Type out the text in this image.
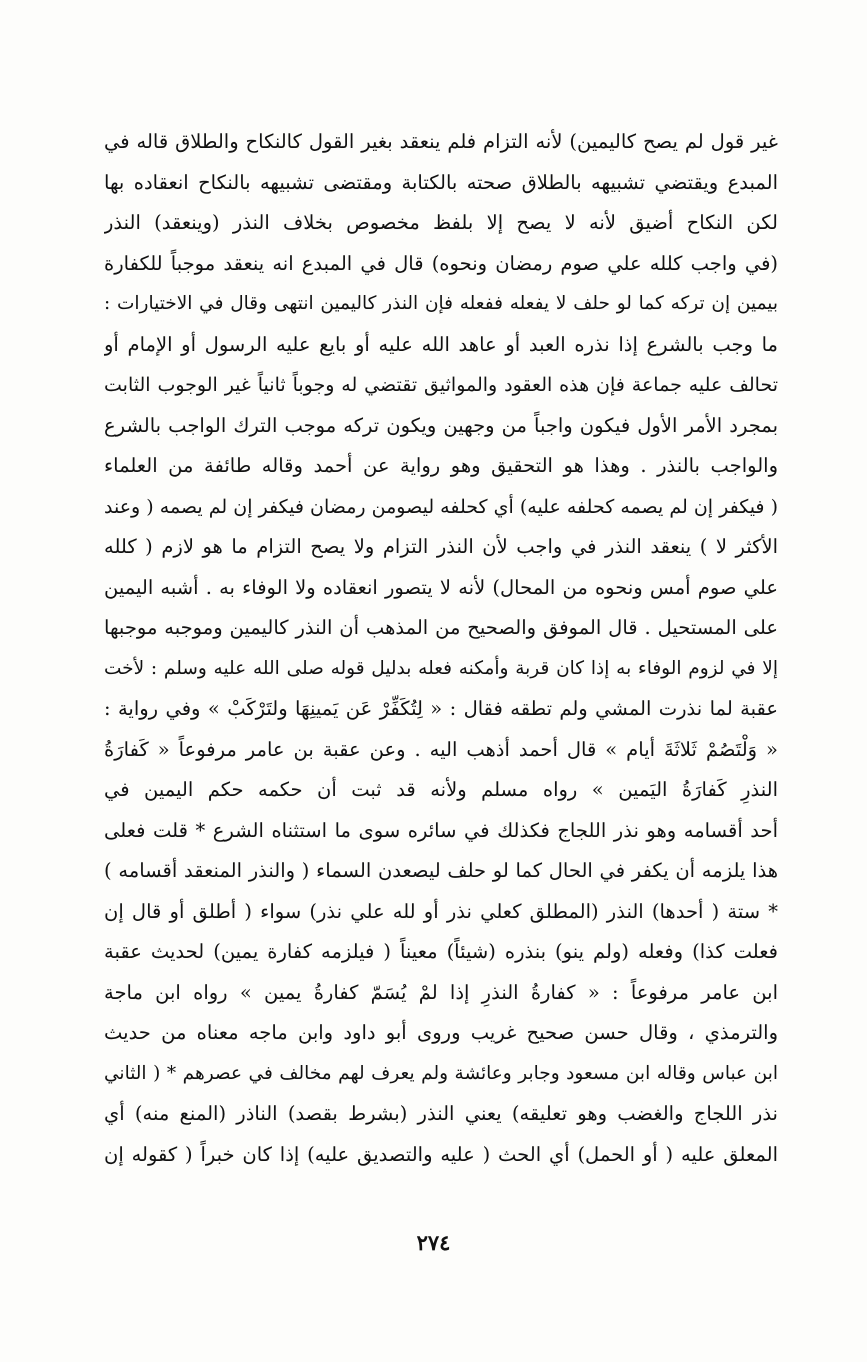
غير قول لم يصح كاليمين) لأنه التزام فلم ينعقد بغير القول كالنكاح والطلاق قاله في
المبدع ويقتضي تشبيهه بالطلاق صحته بالكتابة ومقتضى تشبيهه بالنكاح انعقاده بها
لكن النكاح أضيق لأنه لا يصح إلا بلفظ مخصوص بخلاف النذر (وينعقد) النذر
(في واجب كلله علي صوم رمضان ونحوه) قال في المبدع انه ينعقد موجباً للكفارة
بيمين إن تركه كما لو حلف لا يفعله ففعله فإن النذر كاليمين انتهى وقال في الاختيارات :
ما وجب بالشرع إذا نذره العبد أو عاهد الله عليه أو بايع عليه الرسول أو الإمام أو
تحالف عليه جماعة فإن هذه العقود والمواثيق تقتضي له وجوباً ثانياً غير الوجوب الثابت
بمجرد الأمر الأول فيكون واجباً من وجهين ويكون تركه موجب الترك الواجب بالشرع
والواجب بالنذر . وهذا هو التحقيق وهو رواية عن أحمد وقاله طائفة من العلماء
( فيكفر إن لم يصمه كحلفه عليه) أي كحلفه ليصومن رمضان فيكفر إن لم يصمه ( وعند
الأكثر لا ) ينعقد النذر في واجب لأن النذر التزام ولا يصح التزام ما هو لازم ( كلله
علي صوم أمس ونحوه من المحال) لأنه لا يتصور انعقاده ولا الوفاء به . أشبه اليمين
على المستحيل . قال الموفق والصحيح من المذهب أن النذر كاليمين وموجبه موجبها
إلا في لزوم الوفاء به إذا كان قربة وأمكنه فعله بدليل قوله صلى الله عليه وسلم : لأخت
عقبة لما نذرت المشي ولم تطقه فقال : « لِتُكَفِّرْ عَن يَمينِهَا ولتَرْكَبْ » وفي رواية :
« وَلْتَصُمْ ثَلاثَةَ أيام » قال أحمد أذهب اليه . وعن عقبة بن عامر مرفوعاً « كَفارَةُ
النذرِ كَفارَةُ اليَمين » رواه مسلم ولأنه قد ثبت أن حكمه حكم اليمين في
أحد أقسامه وهو نذر اللجاج فكذلك في سائره سوى ما استثناه الشرع * قلت فعلى
هذا يلزمه أن يكفر في الحال كما لو حلف ليصعدن السماء ( والنذر المنعقد أقسامه )
* ستة ( أحدها) النذر (المطلق كعلي نذر أو لله علي نذر) سواء ( أطلق أو قال إن
فعلت كذا) وفعله (ولم ينو) بنذره (شيئاً) معيناً ( فيلزمه كفارة يمين) لحديث عقبة
ابن عامر مرفوعاً : « كفارةُ النذرِ إذا لمْ يُسَمّ كفارةُ يمين » رواه ابن ماجة
والترمذي ، وقال حسن صحيح غريب وروى أبو داود وابن ماجه معناه من حديث
ابن عباس وقاله ابن مسعود وجابر وعائشة ولم يعرف لهم مخالف في عصرهم * ( الثاني
نذر اللجاج والغضب وهو تعليقه) يعني النذر (بشرط بقصد) الناذر (المنع منه) أي
المعلق عليه ( أو الحمل) أي الحث ( عليه والتصديق عليه) إذا كان خبراً ( كقوله إن
٢٧٤
